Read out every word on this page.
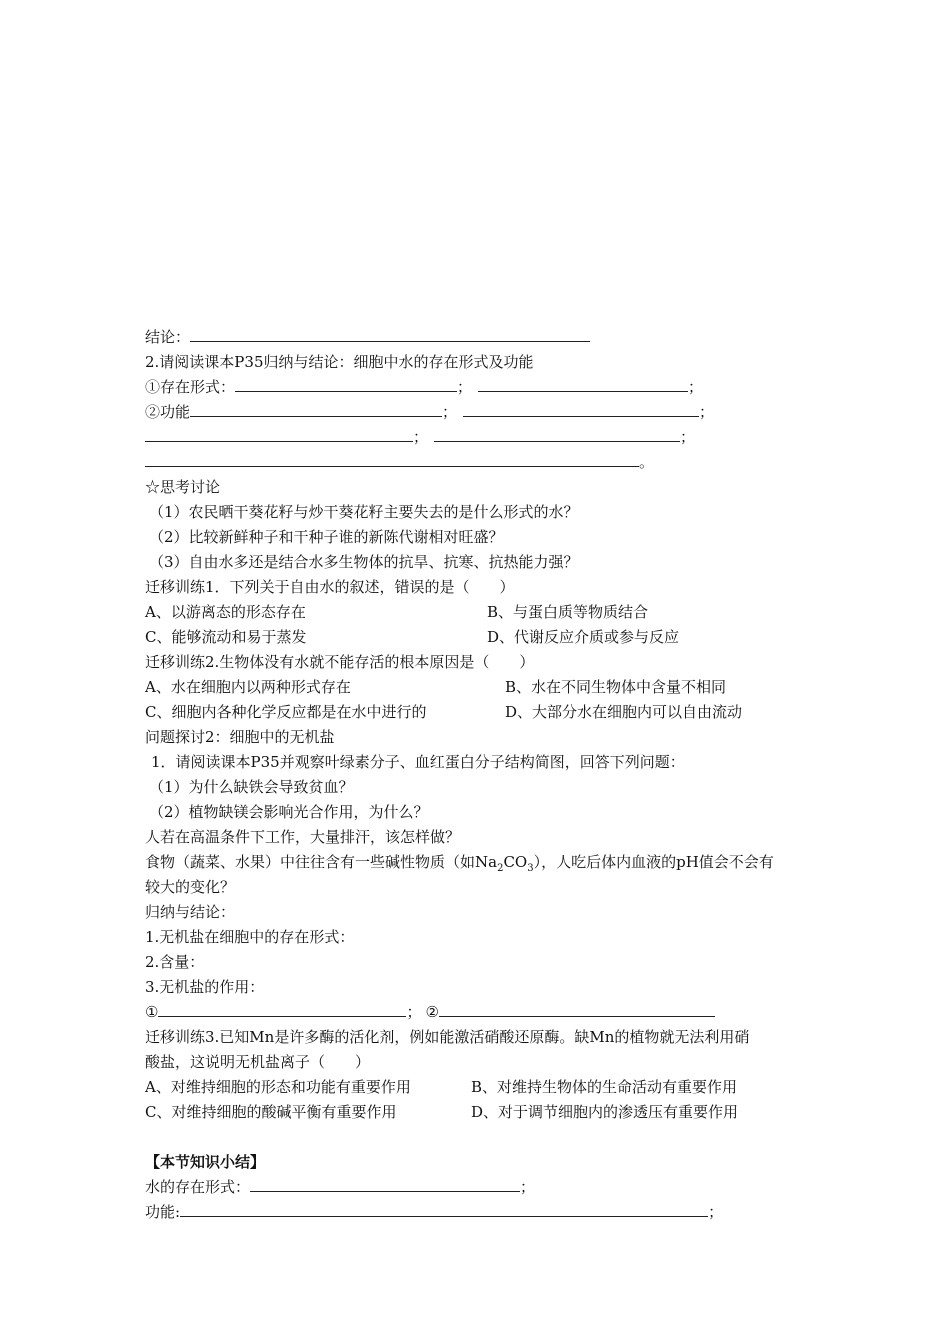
结论：
2.请阅读课本P35归纳与结论：细胞中水的存在形式及功能
①存在形式：	；	；
②功能	；	；
；	；
。
☆思考讨论
（1）农民晒干葵花籽与炒干葵花籽主要失去的是什么形式的水？
（2）比较新鲜种子和干种子谁的新陈代谢相对旺盛？
（3）自由水多还是结合水多生物体的抗旱、抗寒、抗热能力强？
迁移训练1．下列关于自由水的叙述，错误的是（　　）
A、以游离态的形态存在	B、与蛋白质等物质结合
C、能够流动和易于蒸发	D、代谢反应介质或参与反应
迁移训练2.生物体没有水就不能存活的根本原因是（　　）
A、水在细胞内以两种形式存在	B、水在不同生物体中含量不相同
C、细胞内各种化学反应都是在水中进行的	D、大部分水在细胞内可以自由流动
问题探讨2：细胞中的无机盐
1．请阅读课本P35并观察叶绿素分子、血红蛋白分子结构简图，回答下列问题：
（1）为什么缺铁会导致贫血？
（2）植物缺镁会影响光合作用，为什么？
人若在高温条件下工作，大量排汗，该怎样做？
食物（蔬菜、水果）中往往含有一些碱性物质（如$Na_2CO_3$），人吃后体内血液的pH值会不会有
较大的变化？
归纳与结论：
1.无机盐在细胞中的存在形式：
2.含量：
3.无机盐的作用：
①	； ②
迁移训练3.已知Mn是许多酶的活化剂，例如能激活硝酸还原酶。缺Mn的植物就无法利用硝
酸盐，这说明无机盐离子（　　）
A、对维持细胞的形态和功能有重要作用	B、对维持生物体的生命活动有重要作用
C、对维持细胞的酸碱平衡有重要作用	D、对于调节细胞内的渗透压有重要作用
【本节知识小结】
水的存在形式：	；
功能:	；
